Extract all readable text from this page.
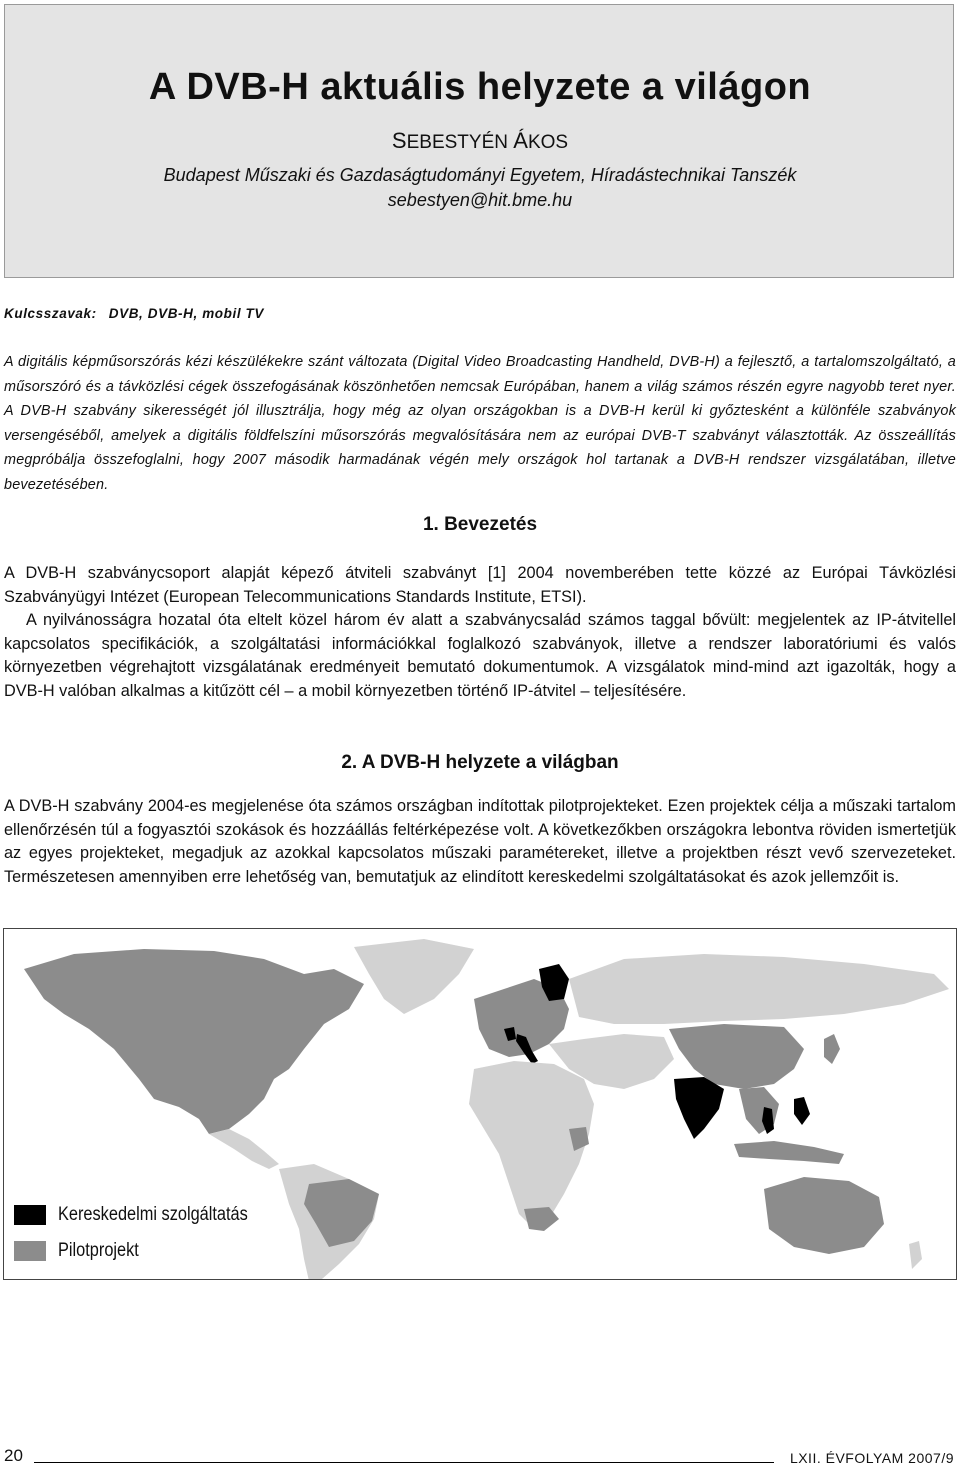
A DVB-H aktuális helyzete a világon
SEBESTYÉN ÁKOS
Budapest Műszaki és Gazdaságtudományi Egyetem, Híradástechnikai Tanszék
sebestyen@hit.bme.hu
Kulcsszavak: DVB, DVB-H, mobil TV

A digitális képműsorszórás kézi készülékekre szánt változata (Digital Video Broadcasting Handheld, DVB-H) a fejlesztő, a tartalomszolgáltató, a műsorszóró és a távközlési cégek összefogásának köszönhetően nemcsak Európában, hanem a világ számos részén egyre nagyobb teret nyer. A DVB-H szabvány sikerességét jól illusztrálja, hogy még az olyan országokban is a DVB-H kerül ki győztesként a különféle szabványok versengéséből, amelyek a digitális földfelszíni műsorszórás megvalósítására nem az európai DVB-T szabványt választották. Az összeállítás megpróbálja összefoglalni, hogy 2007 második harmadának végén mely országok hol tartanak a DVB-H rendszer vizsgálatában, illetve bevezetésében.

1. Bevezetés

A DVB-H szabványcsoport alapját képező átviteli szabványt [1] 2004 novemberében tette közzé az Európai Távközlési Szabványügyi Intézet (European Telecommunications Standards Institute, ETSI).

A nyilvánosságra hozatal óta eltelt közel három év alatt a szabványcsalád számos taggal bővült: megjelentek az IP-átvitellel kapcsolatos specifikációk, a szolgáltatási információkkal foglalkozó szabványok, illetve a rendszer laboratóriumi és valós környezetben végrehajtott vizsgálatának eredményeit bemutató dokumentumok. A vizsgálatok mind-mind azt igazolták, hogy a DVB-H valóban alkalmas a kitűzött cél – a mobil környezetben történő IP-átvitel – teljesítésére.

2. A DVB-H helyzete a világban

A DVB-H szabvány 2004-es megjelenése óta számos országban indítottak pilotprojekteket. Ezen projektek célja a műszaki tartalom ellenőrzésén túl a fogyasztói szokások és hozzáállás feltérképezése volt. A következőkben országokra lebontva röviden ismertetjük az egyes projekteket, megadjuk az azokkal kapcsolatos műszaki paramétereket, illetve a projektben részt vevő szervezeteket. Természetesen amennyiben erre lehetőség van, bemutatjuk az elindított kereskedelmi szolgáltatásokat és azok jellemzőit is.

Kereskedelmi szolgáltatás
Pilotprojekt
20	LXII. ÉVFOLYAM 2007/9
